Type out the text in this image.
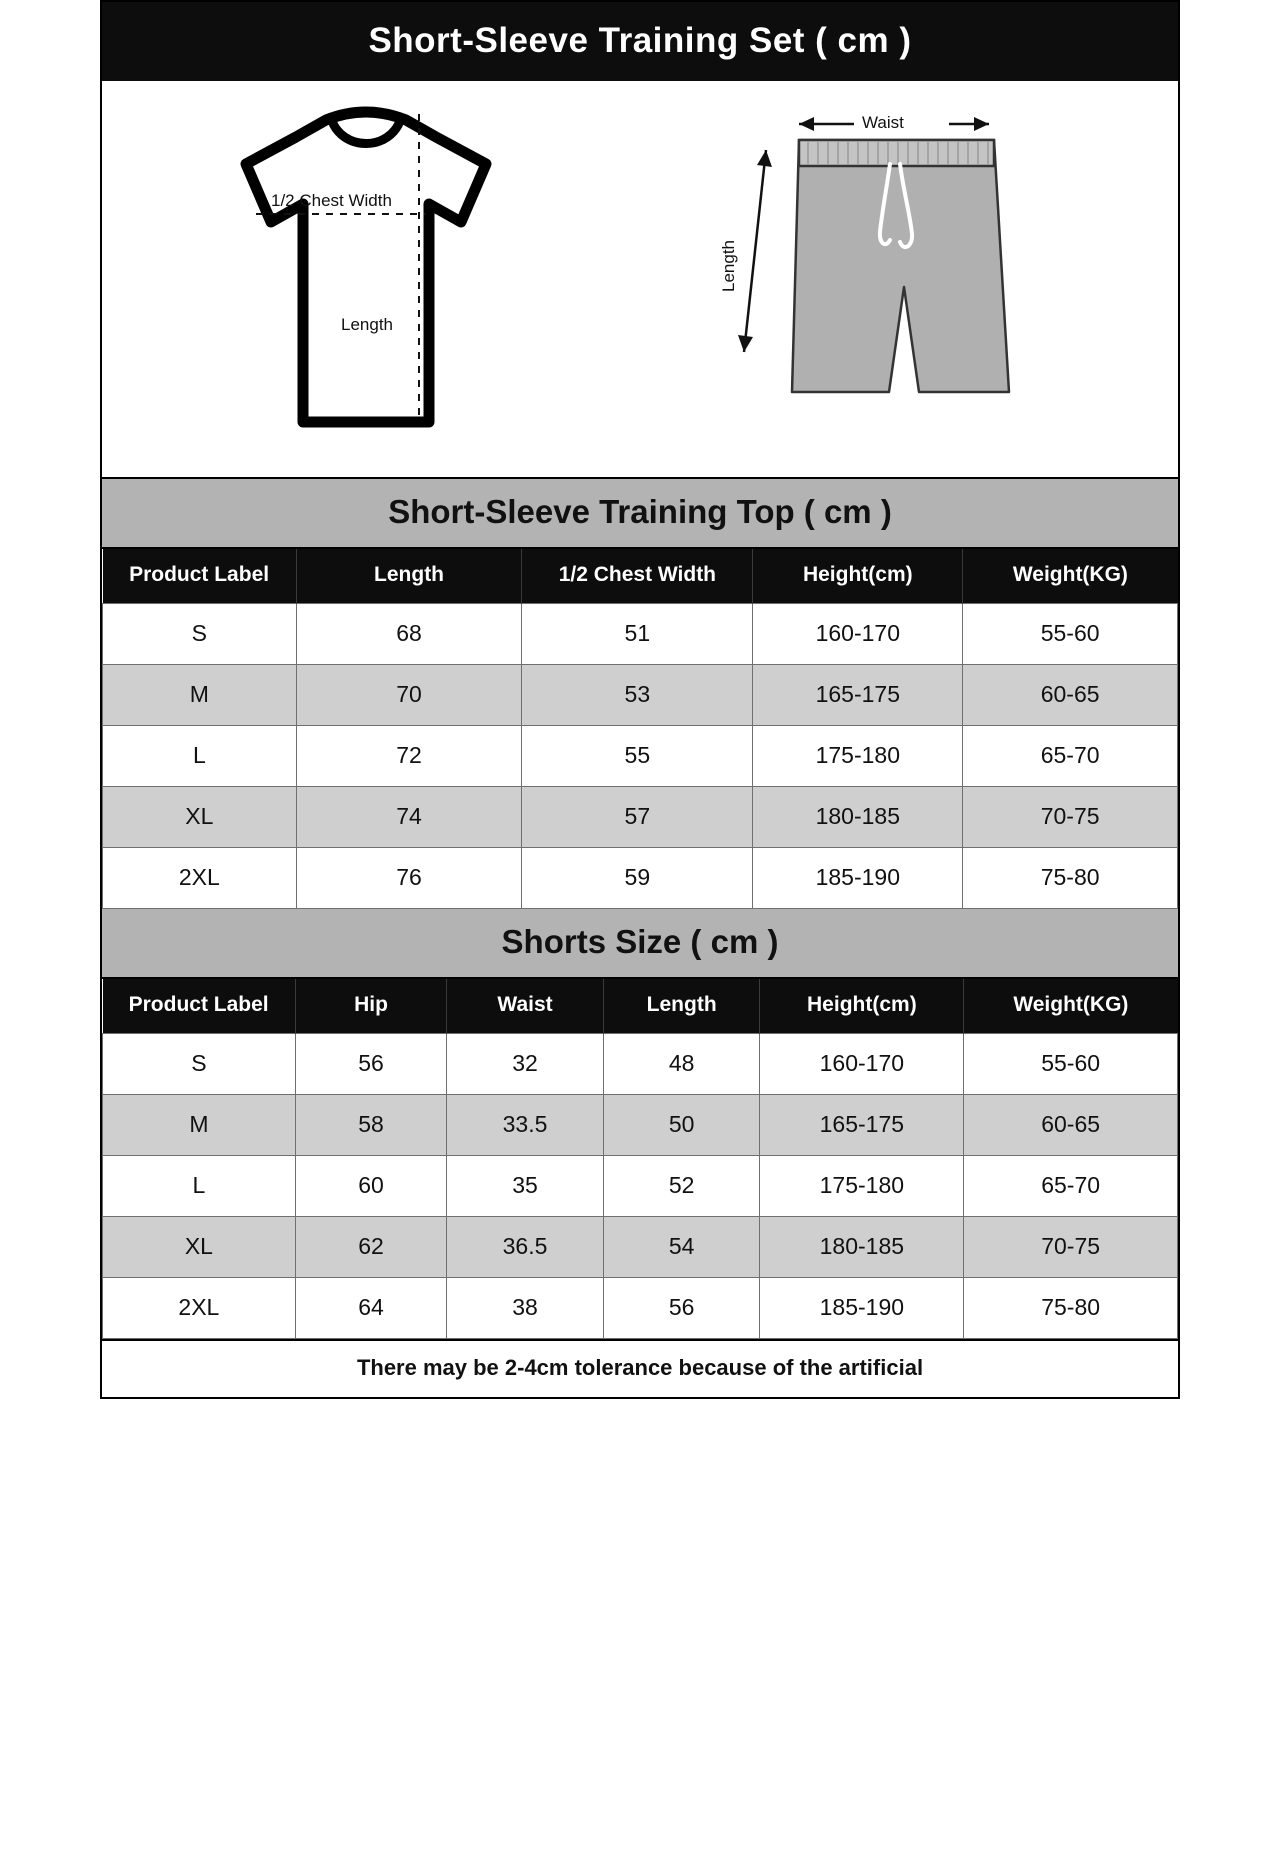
Short-Sleeve Training Set ( cm )
1/2 Chest Width
Length
Waist
Length
Short-Sleeve Training Top ( cm )
Product Label	Length	1/2 Chest Width	Height(cm)	Weight(KG)
S	68	51	160-170	55-60
M	70	53	165-175	60-65
L	72	55	175-180	65-70
XL	74	57	180-185	70-75
2XL	76	59	185-190	75-80
Shorts Size ( cm )
Product Label	Hip	Waist	Length	Height(cm)	Weight(KG)
S	56	32	48	160-170	55-60
M	58	33.5	50	165-175	60-65
L	60	35	52	175-180	65-70
XL	62	36.5	54	180-185	70-75
2XL	64	38	56	185-190	75-80
There may be 2-4cm tolerance because of the artificial
